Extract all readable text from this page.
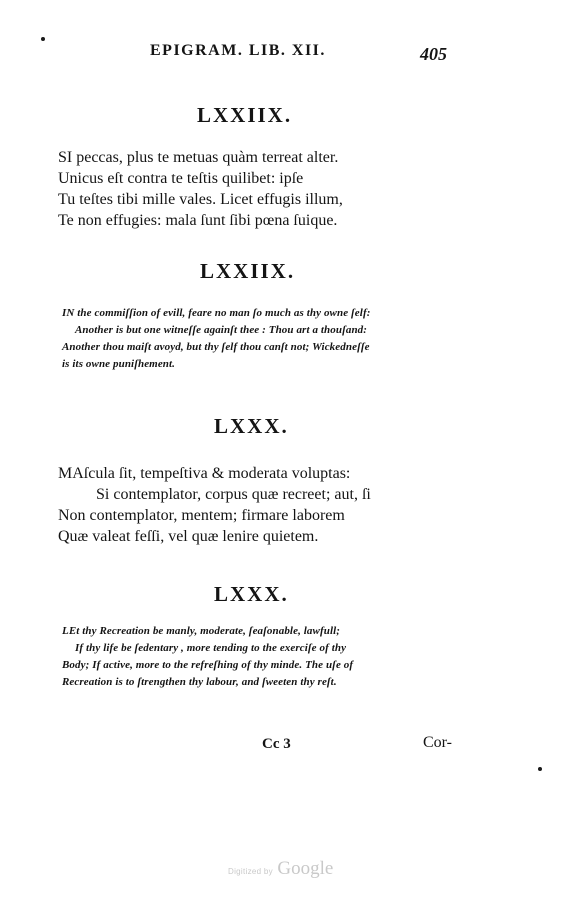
EPIGRAM. LIB. XII.	405
LXXIIX.
SI peccas, plus te metuas quàm terreat alter.
Unicus eſt contra te teſtis quilibet: ipſe
Tu teſtes tibi mille vales. Licet effugis illum,
Te non effugies: mala ſunt ſibi pœna ſuique.
LXXIIX.
IN the commiſſion of evill, feare no man ſo much as thy owne ſelf:
Another is but one witneſſe againſt thee : Thou art a thouſand:
Another thou maiſt avoyd, but thy ſelf thou canſt not; Wickedneſſe
is its owne puniſhement.
LXXX.
MAſcula ſit, tempeſtiva & moderata voluptas:
Si contemplator, corpus quæ recreet; aut, ſi
Non contemplator, mentem; firmare laborem
Quæ valeat feſſi, vel quæ lenire quietem.
LXXX.
LEt thy Recreation be manly, moderate, ſeaſonable, lawfull;
If thy life be ſedentary , more tending to the exerciſe of thy
Body; If active, more to the refreſhing of thy minde. The uſe of
Recreation is to ſtrengthen thy labour, and ſweeten thy reſt.
Cc 3	Cor-
Digitized by Google
